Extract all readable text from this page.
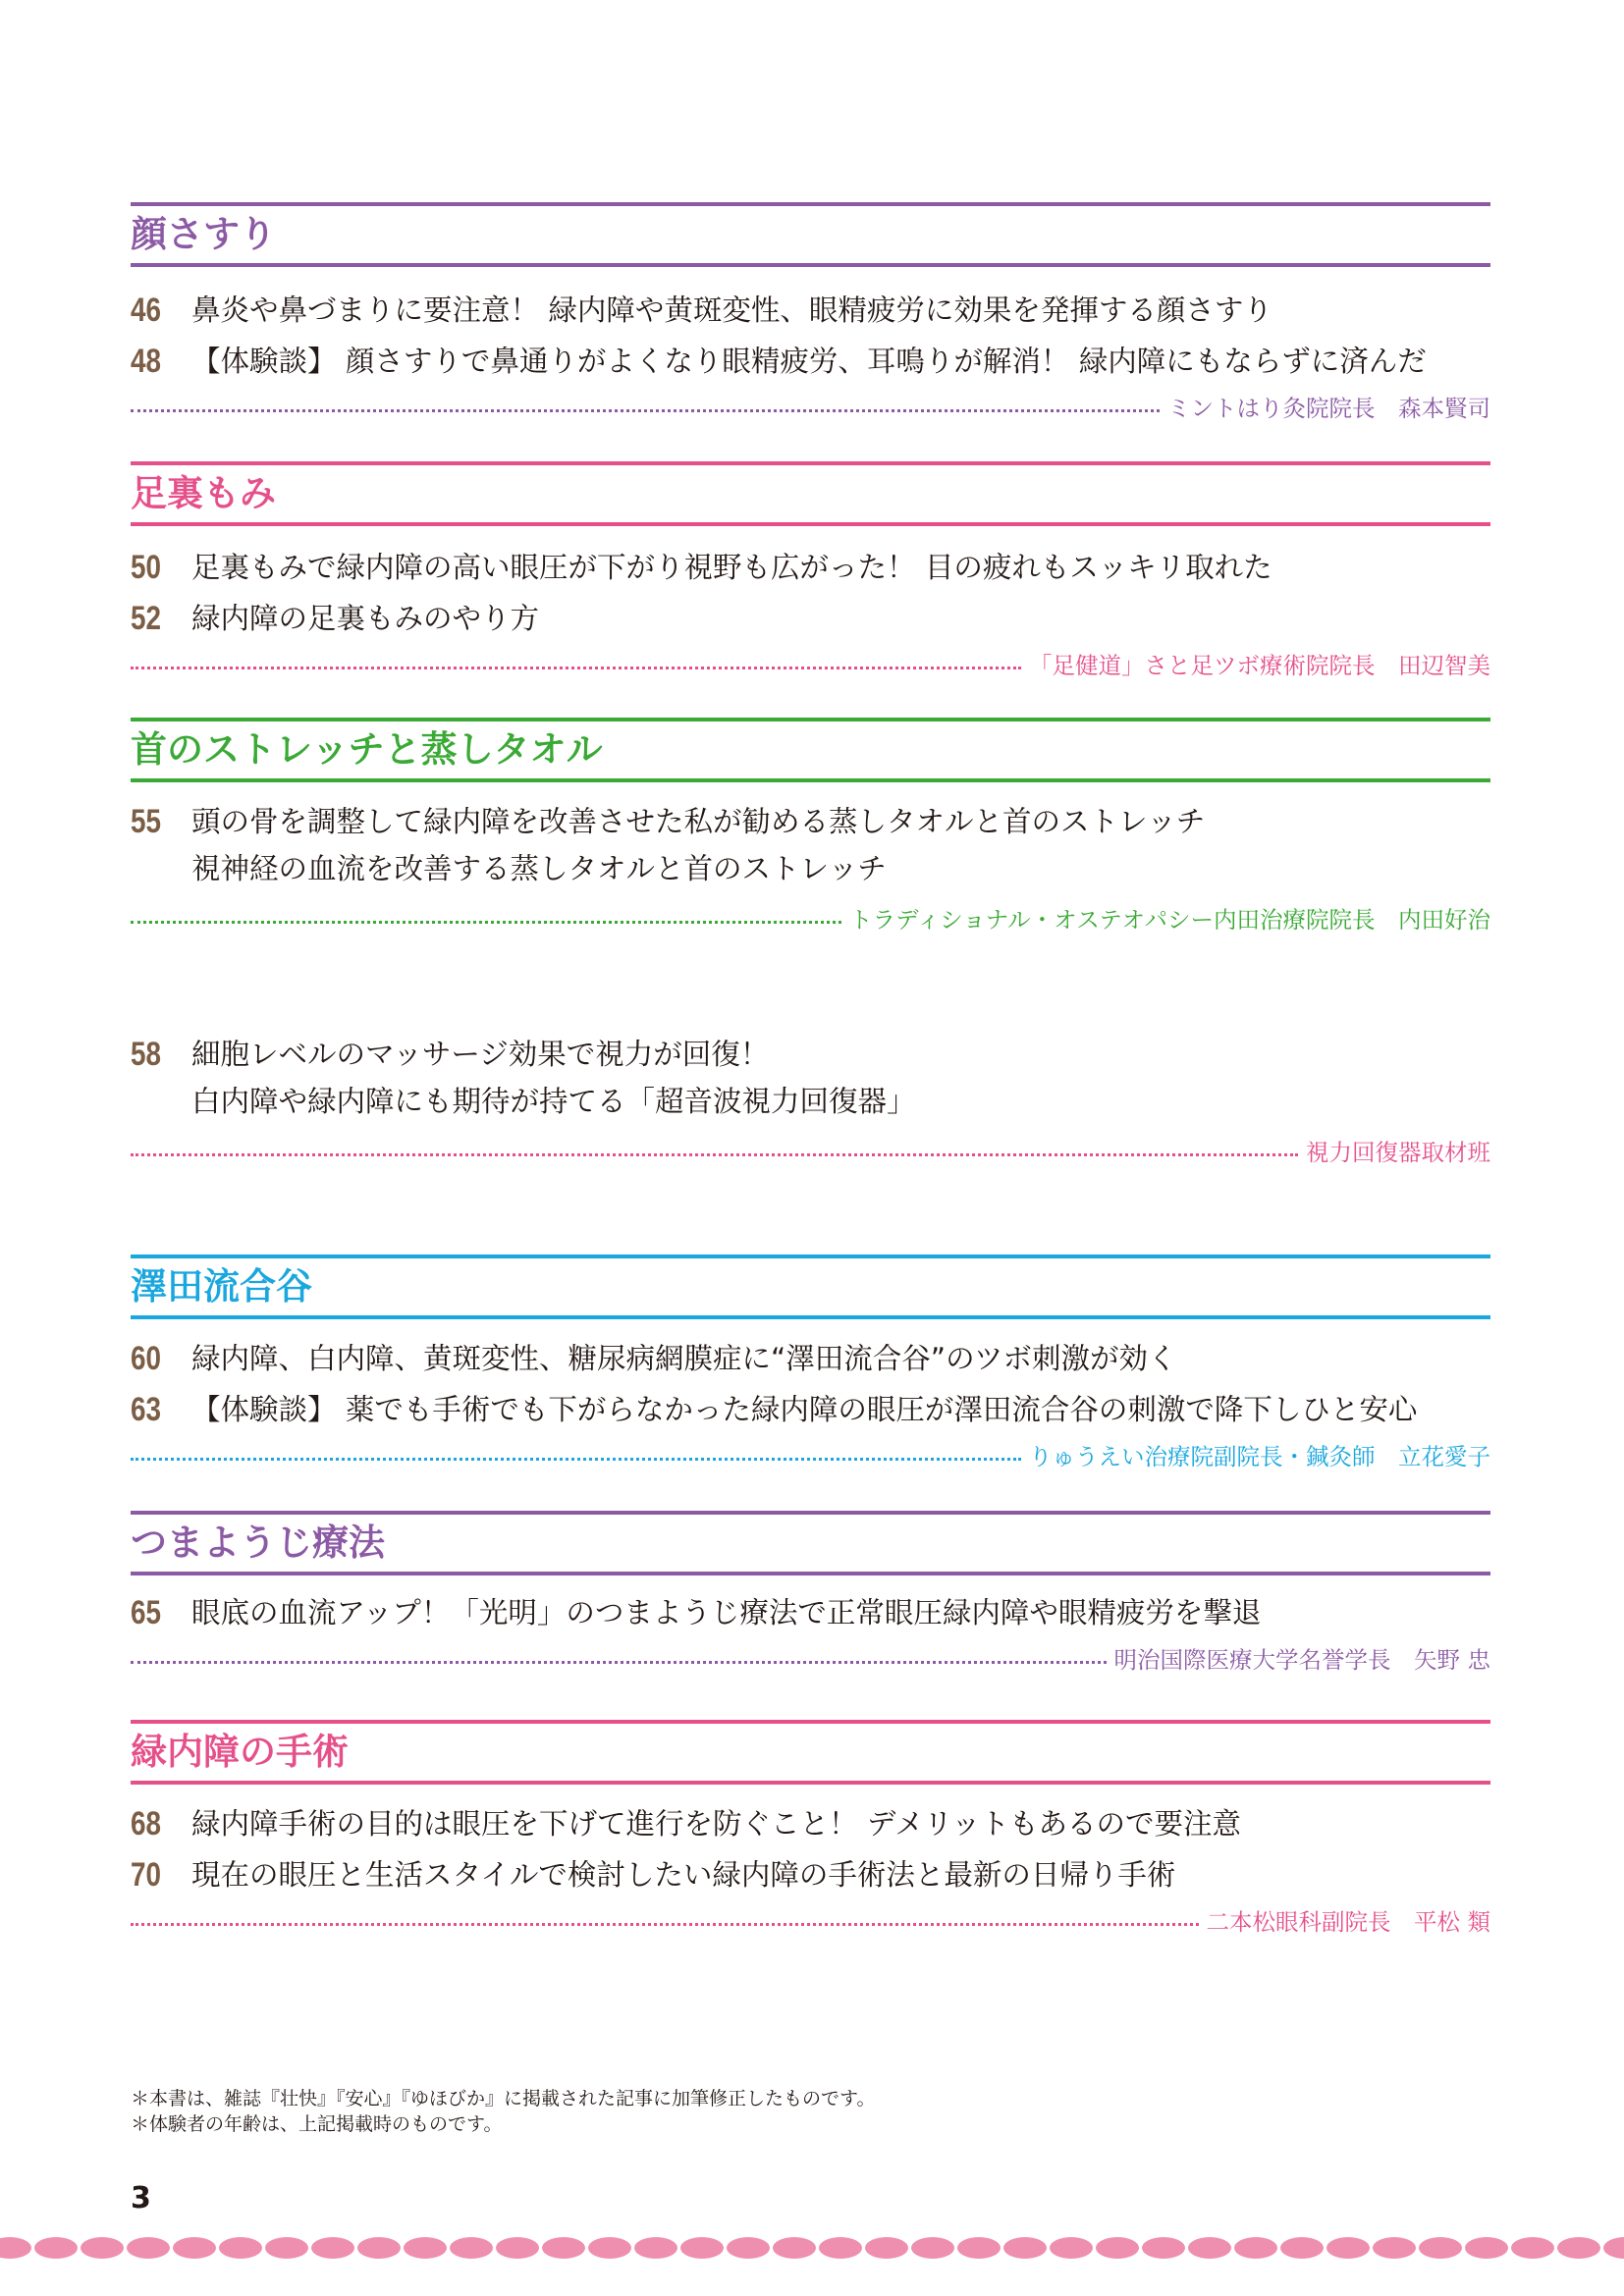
顔さすり
46	鼻炎や鼻づまりに要注意！ 緑内障や黄斑変性、眼精疲労に効果を発揮する顔さすり
48	【体験談】 顔さすりで鼻通りがよくなり眼精疲労、耳鳴りが解消！ 緑内障にもならずに済んだ
ミントはり灸院院長　森本賢司
足裏もみ
50	足裏もみで緑内障の高い眼圧が下がり視野も広がった！ 目の疲れもスッキリ取れた
52	緑内障の足裏もみのやり方
「足健道」さと足ツボ療術院院長　田辺智美
首のストレッチと蒸しタオル
55	頭の骨を調整して緑内障を改善させた私が勧める蒸しタオルと首のストレッチ
視神経の血流を改善する蒸しタオルと首のストレッチ
トラディショナル・オステオパシー内田治療院院長　内田好治
58	細胞レベルのマッサージ効果で視力が回復！
白内障や緑内障にも期待が持てる「超音波視力回復器」
視力回復器取材班
澤田流合谷
60	緑内障、白内障、黄斑変性、糖尿病網膜症に“澤田流合谷”のツボ刺激が効く
63	【体験談】 薬でも手術でも下がらなかった緑内障の眼圧が澤田流合谷の刺激で降下しひと安心
りゅうえい治療院副院長・鍼灸師　立花愛子
つまようじ療法
65	眼底の血流アップ！「光明」のつまようじ療法で正常眼圧緑内障や眼精疲労を撃退
明治国際医療大学名誉学長　矢野 忠
緑内障の手術
68	緑内障手術の目的は眼圧を下げて進行を防ぐこと！ デメリットもあるので要注意
70	現在の眼圧と生活スタイルで検討したい緑内障の手術法と最新の日帰り手術
二本松眼科副院長　平松 類
＊本書は、雑誌『壮快』『安心』『ゆほびか』に掲載された記事に加筆修正したものです。
＊体験者の年齢は、上記掲載時のものです。
3
